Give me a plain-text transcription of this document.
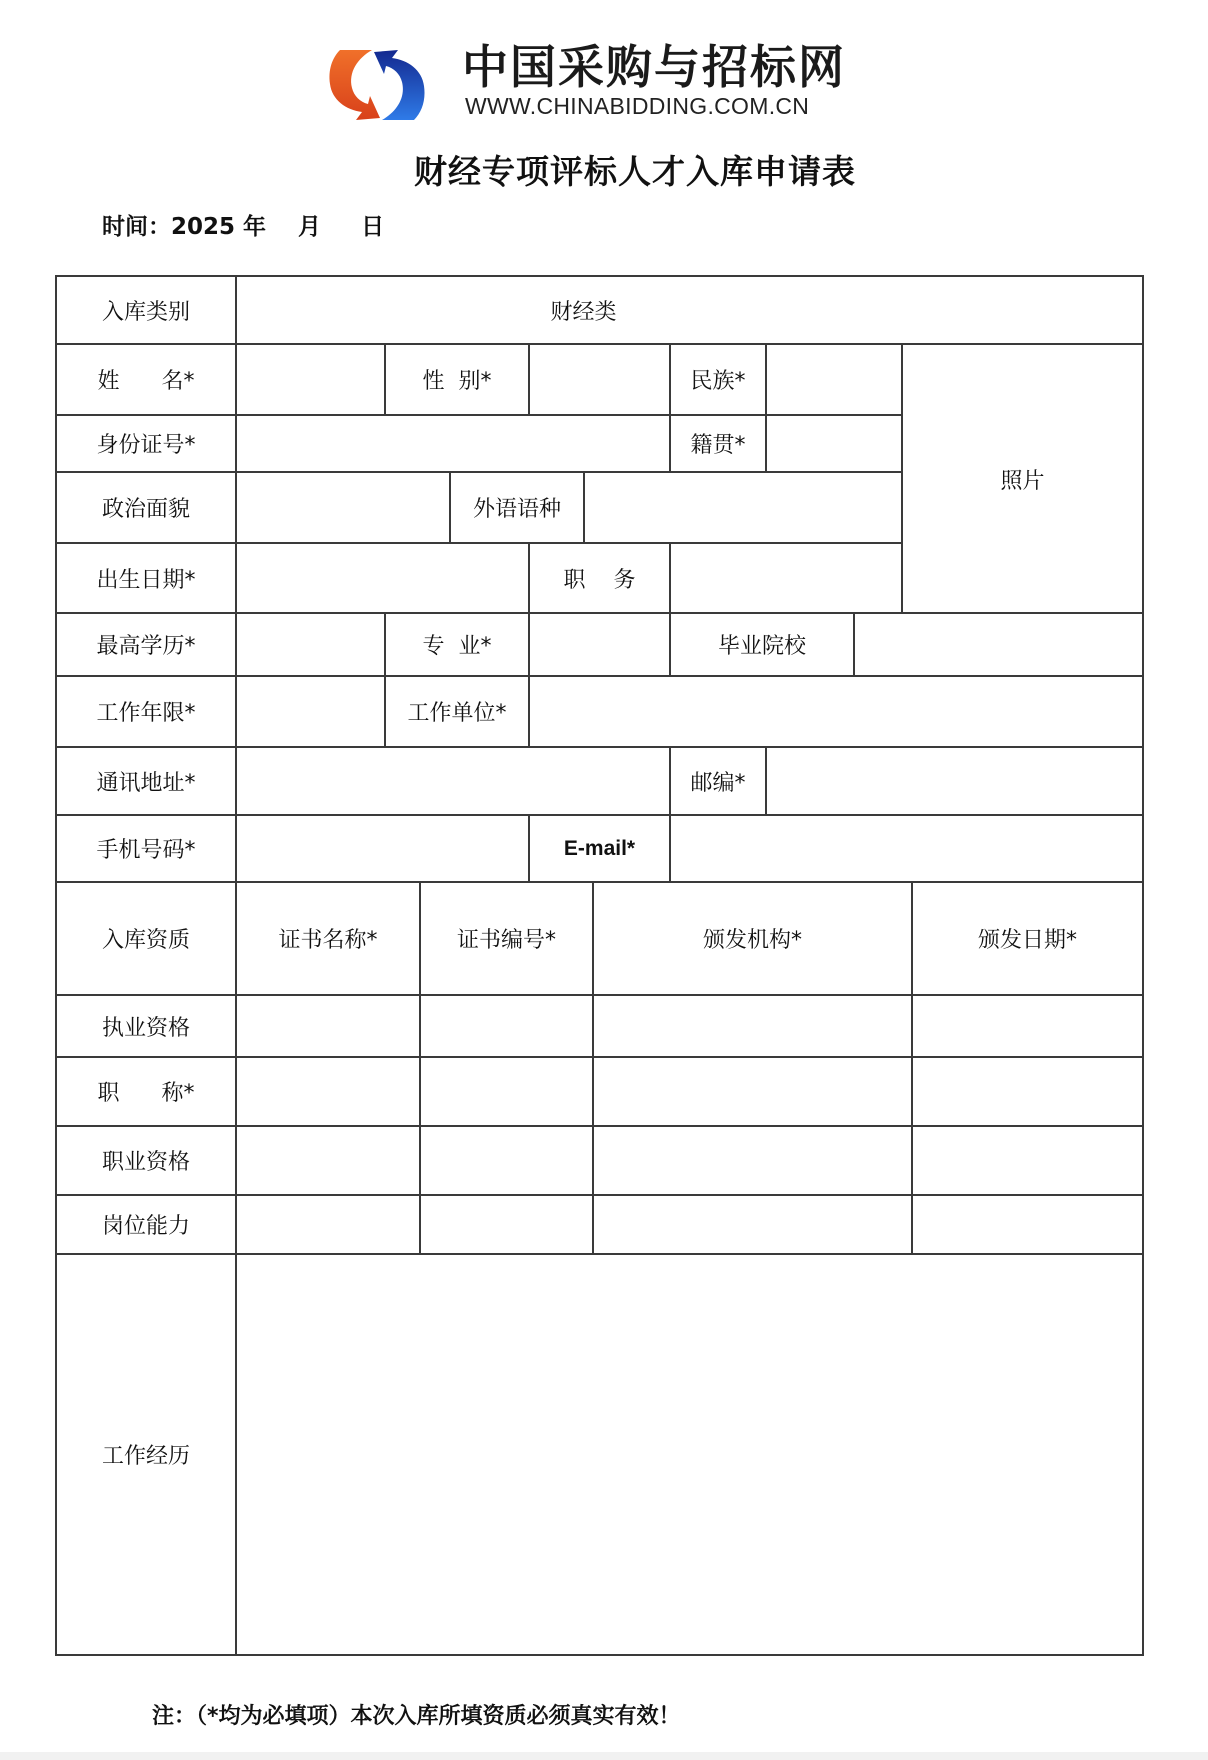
中国采购与招标网
WWW.CHINABIDDING.COM.CN
财经专项评标人才入库申请表
时间：2025 年    月     日
入库类别	财经类
姓      名*	性  别*	民族*
照片
身份证号*	籍贯*
政治面貌	外语语种
出生日期*	职    务
最高学历*	专  业*	毕业院校
工作年限*	工作单位*
通讯地址*	邮编*
手机号码*	E-mail*
入库资质	证书名称*	证书编号*	颁发机构*	颁发日期*
执业资格
职      称*
职业资格
岗位能力
工作经历
注：（*均为必填项）本次入库所填资质必须真实有效！
